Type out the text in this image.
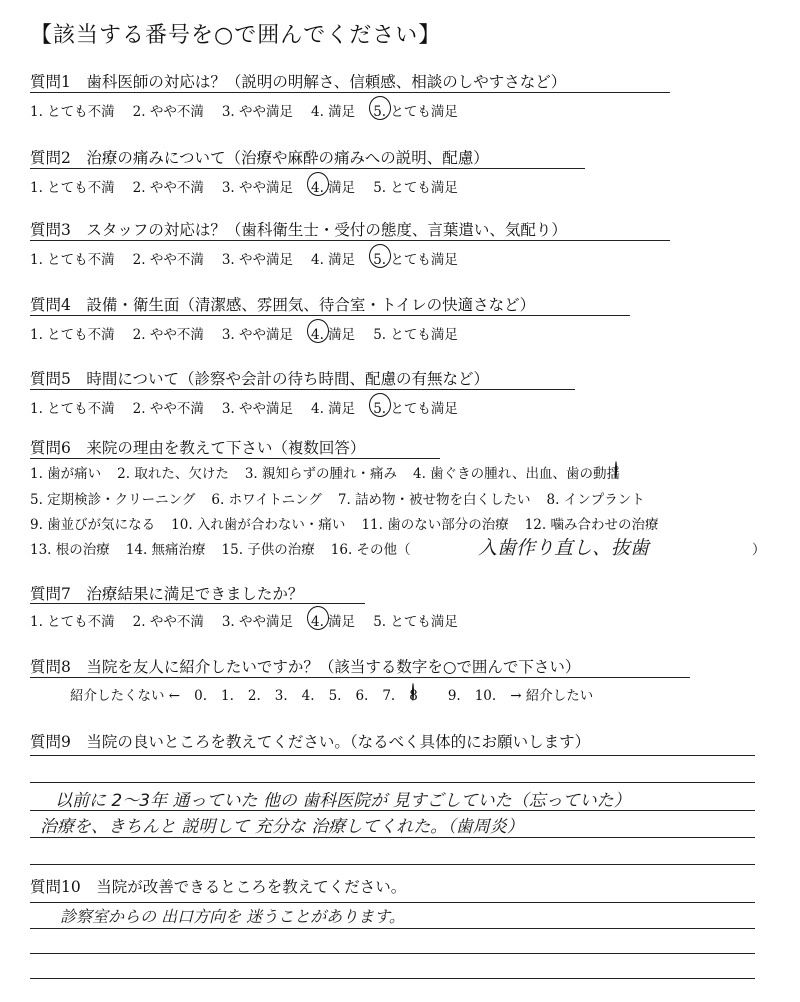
【該当する番号を○で囲んでください】
質問1　歯科医師の対応は？（説明の明解さ、信頼感、相談のしやすさなど）
1. とても不満 2. やや不満 3. やや満足 4. 満足 5. とても満足
質問2　治療の痛みについて（治療や麻酔の痛みへの説明、配慮）
1. とても不満 2. やや不満 3. やや満足 4. 満足 5. とても満足
質問3　スタッフの対応は？（歯科衛生士・受付の態度、言葉遣い、気配り）
1. とても不満 2. やや不満 3. やや満足 4. 満足 5. とても満足
質問4　設備・衛生面（清潔感、雰囲気、待合室・トイレの快適さなど）
1. とても不満 2. やや不満 3. やや満足 4. 満足 5. とても満足
質問5　時間について（診察や会計の待ち時間、配慮の有無など）
1. とても不満 2. やや不満 3. やや満足 4. 満足 5. とても満足
質問6　来院の理由を教えて下さい（複数回答）
1. 歯が痛い 2. 取れた、欠けた 3. 親知らずの腫れ・痛み 4. 歯ぐきの腫れ、出血、歯の動揺
5. 定期検診・クリーニング 6. ホワイトニング 7. 詰め物・被せ物を白くしたい 8. インプラント
9. 歯並びが気になる 10. 入れ歯が合わない・痛い 11. 歯のない部分の治療 12. 噛み合わせの治療
13. 根の治療 14. 無痛治療 15. 子供の治療 16. その他（	入歯作り直し、抜歯	）
質問7　治療結果に満足できましたか？
1. とても不満 2. やや不満 3. やや満足 4. 満足 5. とても満足
質問8　当院を友人に紹介したいですか？（該当する数字を○で囲んで下さい）
紹介したくない ← 0. 1. 2. 3. 4. 5. 6. 7. 8 9. 10. → 紹介したい
質問9　当院の良いところを教えてください。（なるべく具体的にお願いします）
以前に 2〜3年 通っていた 他の 歯科医院が 見すごしていた（忘っていた）
治療を、きちんと 説明して 充分な 治療してくれた。（歯周炎）
質問10　当院が改善できるところを教えてください。
診察室からの 出口方向を 迷うことがあります。
